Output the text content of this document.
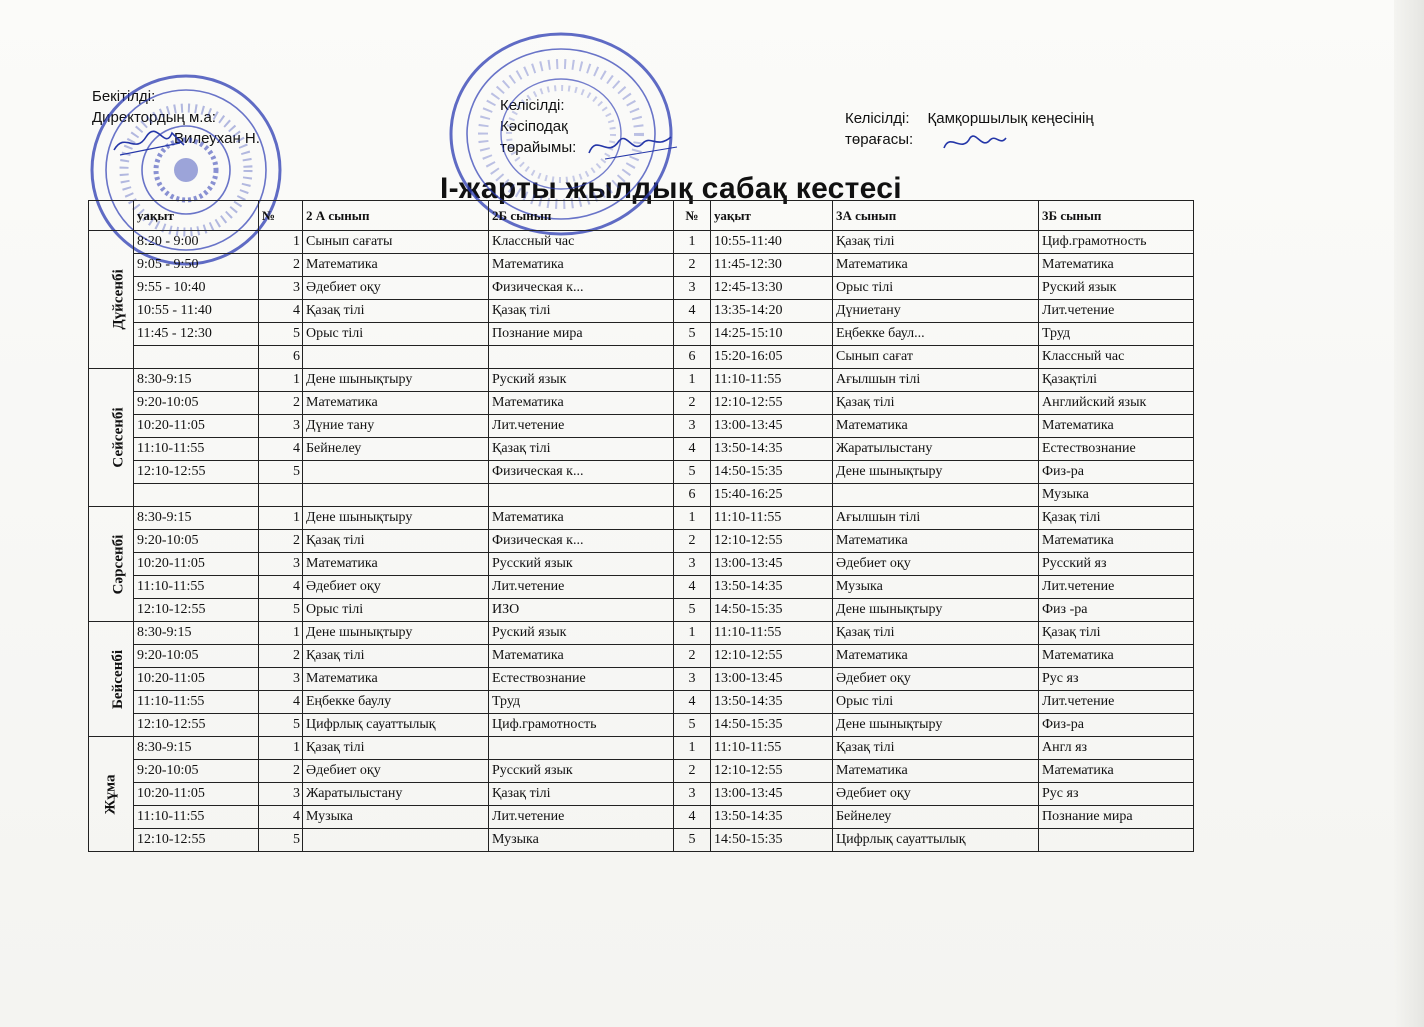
Бекітілді:
Директордың м.а:
Вилеухан Н.
Келісілді:
Кәсіподақ
төрайымы:
Келісілді: Қамқоршылық кеңесінің
төрағасы:
І-жарты жылдық сабақ кестесі
	уақыт	№	2 А сынып	2Б сынып	№	уақыт	3А сынып	3Б сынып
Дүйсенбі	8:20 - 9:00	1	Сынып сағаты	Классный час	1	10:55-11:40	Қазақ тілі	Циф.грамотность
	9:05 - 9:50	2	Математика	Математика	2	11:45-12:30	Математика	Математика
	9:55 - 10:40	3	Әдебиет оқу	Физическая к...	3	12:45-13:30	Орыс тілі	Руский язык
	10:55 - 11:40	4	Қазақ тілі	Қазақ тілі	4	13:35-14:20	Дүниетану	Лит.четение
	11:45 - 12:30	5	Орыс тілі	Познание мира	5	14:25-15:10	Еңбекке баул...	Труд
		6			6	15:20-16:05	Сынып сағат	Классный час
Сейсенбі	8:30-9:15	1	Дене шынықтыру	Руский язык	1	11:10-11:55	Ағылшын тілі	Қазақтілі
	9:20-10:05	2	Математика	Математика	2	12:10-12:55	Қазақ тілі	Английский язык
	10:20-11:05	3	Дүние тану	Лит.четение	3	13:00-13:45	Математика	Математика
	11:10-11:55	4	Бейнелеу	Қазақ тілі	4	13:50-14:35	Жаратылыстану	Естествознание
	12:10-12:55	5		Физическая к...	5	14:50-15:35	Дене шынықтыру	Физ-ра
					6	15:40-16:25		Музыка
Сәрсенбі	8:30-9:15	1	Дене шынықтыру	Математика	1	11:10-11:55	Ағылшын тілі	Қазақ тілі
	9:20-10:05	2	Қазақ тілі	Физическая к...	2	12:10-12:55	Математика	Математика
	10:20-11:05	3	Математика	Русский язык	3	13:00-13:45	Әдебиет оқу	Русский яз
	11:10-11:55	4	Әдебиет оқу	Лит.четение	4	13:50-14:35	Музыка	Лит.четение
	12:10-12:55	5	Орыс тілі	ИЗО	5	14:50-15:35	Дене шынықтыру	Физ -ра
Бейсенбі	8:30-9:15	1	Дене шынықтыру	Руский язык	1	11:10-11:55	Қазақ тілі	Қазақ тілі
	9:20-10:05	2	Қазақ тілі	Математика	2	12:10-12:55	Математика	Математика
	10:20-11:05	3	Математика	Естествознание	3	13:00-13:45	Әдебиет оқу	Рус яз
	11:10-11:55	4	Еңбекке баулу	Труд	4	13:50-14:35	Орыс тілі	Лит.четение
	12:10-12:55	5	Цифрлық сауаттылық	Циф.грамотность	5	14:50-15:35	Дене шынықтыру	Физ-ра
Жұма	8:30-9:15	1	Қазақ тілі		1	11:10-11:55	Қазақ тілі	Англ яз
	9:20-10:05	2	Әдебиет оқу	Русский язык	2	12:10-12:55	Математика	Математика
	10:20-11:05	3	Жаратылыстану	Қазақ тілі	3	13:00-13:45	Әдебиет оқу	Рус яз
	11:10-11:55	4	Музыка	Лит.четение	4	13:50-14:35	Бейнелеу	Познание мира
	12:10-12:55	5		Музыка	5	14:50-15:35	Цифрлық сауаттылық	
